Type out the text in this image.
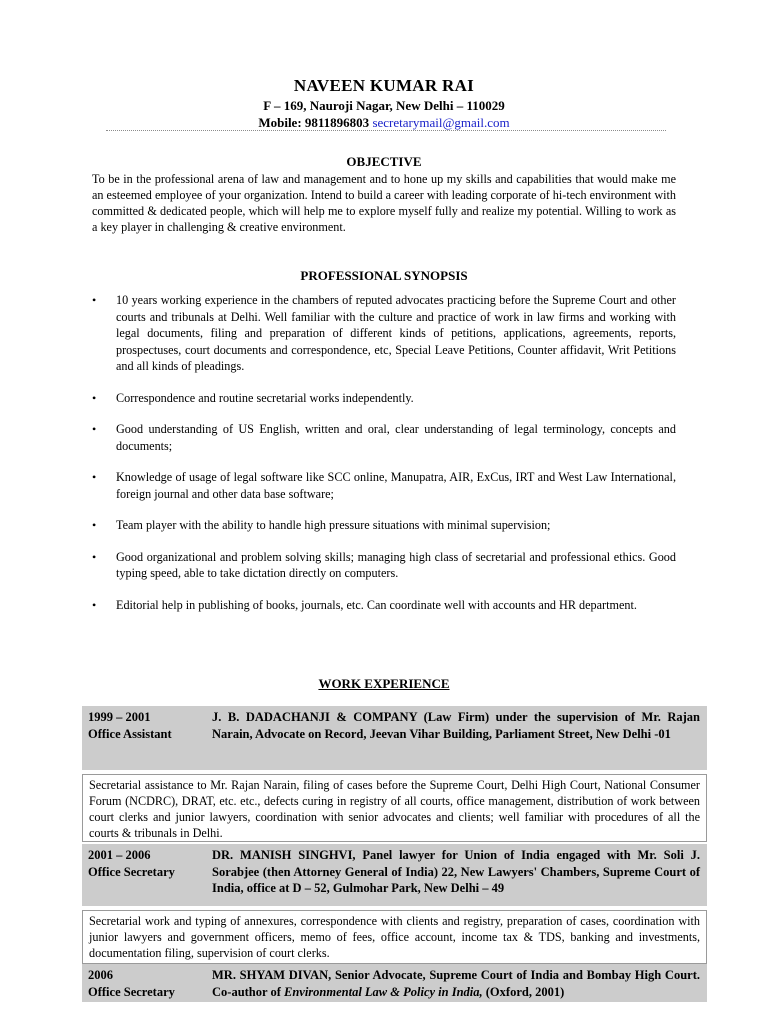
NAVEEN KUMAR RAI
F – 169, Nauroji Nagar, New Delhi – 110029
Mobile: 9811896803 secretarymail@gmail.com
OBJECTIVE
To be in the professional arena of law and management and to hone up my skills and capabilities that would make me an esteemed employee of your organization. Intend to build a career with leading corporate of hi-tech environment with committed & dedicated people, which will help me to explore myself fully and realize my potential. Willing to work as a key player in challenging & creative environment.
PROFESSIONAL SYNOPSIS
• 10 years working experience in the chambers of reputed advocates practicing before the Supreme Court and other courts and tribunals at Delhi. Well familiar with the culture and practice of work in law firms and working with legal documents, filing and preparation of different kinds of petitions, applications, agreements, reports, prospectuses, court documents and correspondence, etc, Special Leave Petitions, Counter affidavit, Writ Petitions and all kinds of pleadings.
• Correspondence and routine secretarial works independently.
• Good understanding of US English, written and oral, clear understanding of legal terminology, concepts and documents;
• Knowledge of usage of legal software like SCC online, Manupatra, AIR, ExCus, IRT and West Law International, foreign journal and other data base software;
• Team player with the ability to handle high pressure situations with minimal supervision;
• Good organizational and problem solving skills; managing high class of secretarial and professional ethics. Good typing speed, able to take dictation directly on computers.
• Editorial help in publishing of books, journals, etc. Can coordinate well with accounts and HR department.
WORK EXPERIENCE
1999 – 2001
Office Assistant
J. B. DADACHANJI & COMPANY (Law Firm) under the supervision of Mr. Rajan Narain, Advocate on Record, Jeevan Vihar Building, Parliament Street, New Delhi -01
Secretarial assistance to Mr. Rajan Narain, filing of cases before the Supreme Court, Delhi High Court, National Consumer Forum (NCDRC), DRAT, etc. etc., defects curing in registry of all courts, office management, distribution of work between court clerks and junior lawyers, coordination with senior advocates and clients; well familiar with procedures of all the courts & tribunals in Delhi.
2001 – 2006
Office Secretary
DR. MANISH SINGHVI, Panel lawyer for Union of India engaged with Mr. Soli J. Sorabjee (then Attorney General of India) 22, New Lawyers' Chambers, Supreme Court of India, office at D – 52, Gulmohar Park, New Delhi – 49
Secretarial work and typing of annexures, correspondence with clients and registry, preparation of cases, coordination with junior lawyers and government officers, memo of fees, office account, income tax & TDS, banking and investments, documentation filing, supervision of court clerks.
2006
Office Secretary
MR. SHYAM DIVAN, Senior Advocate, Supreme Court of India and Bombay High Court. Co-author of Environmental Law & Policy in India, (Oxford, 2001)
